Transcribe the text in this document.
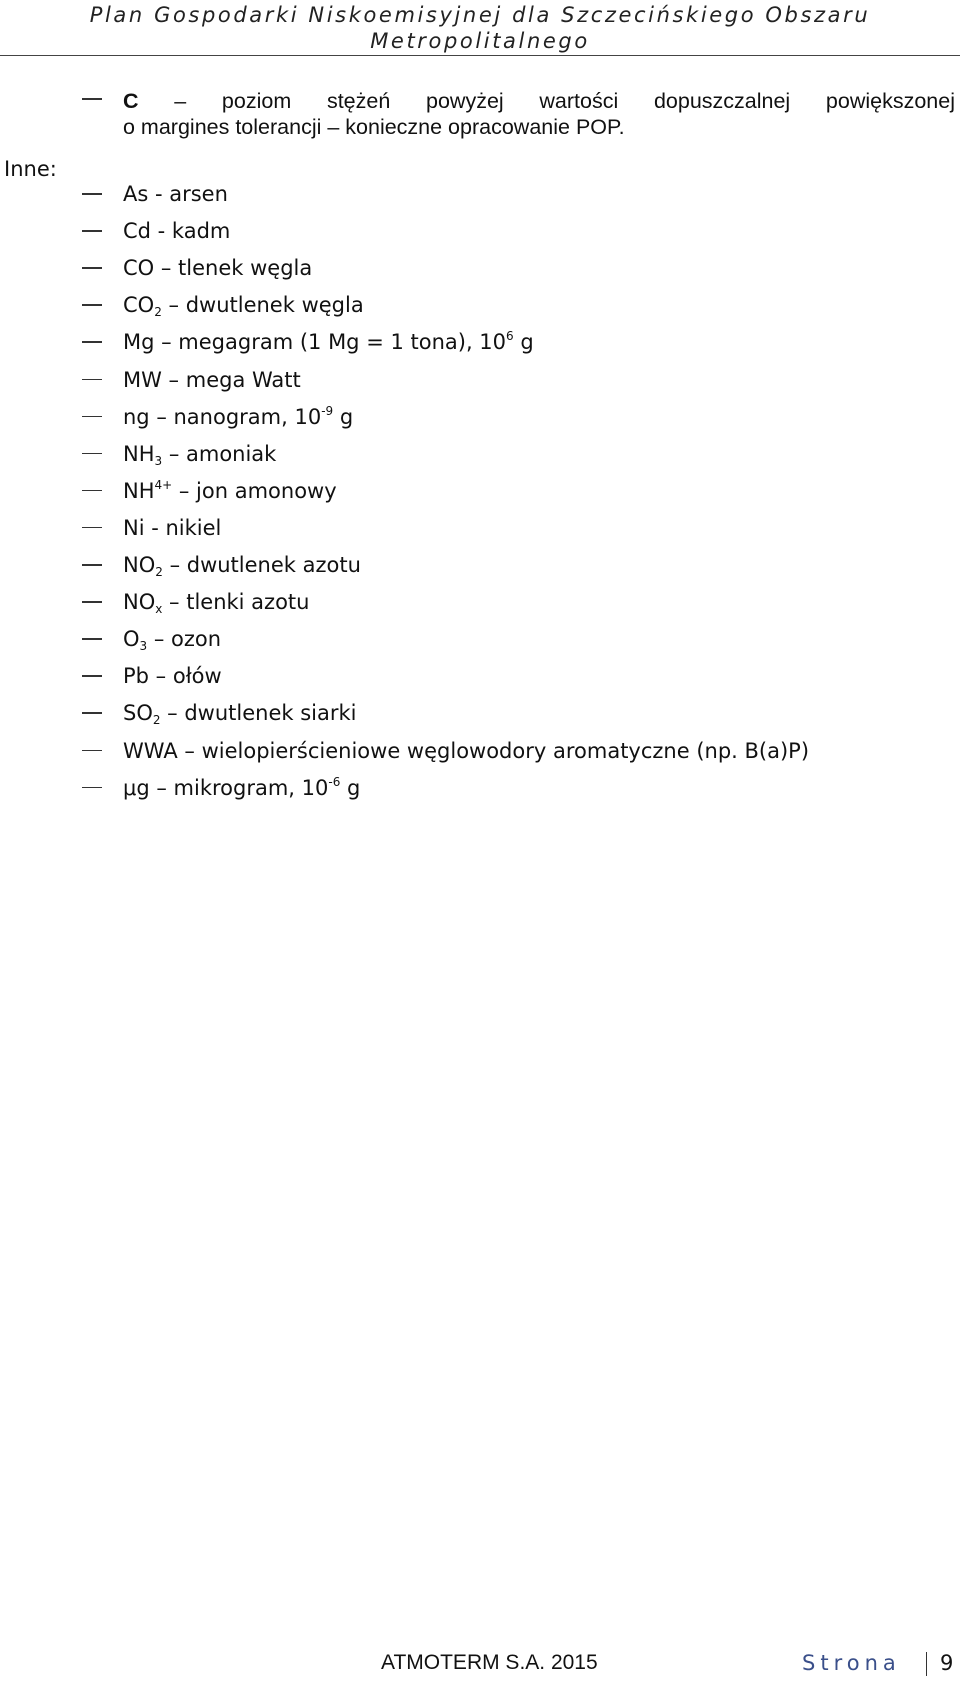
Plan Gospodarki Niskoemisyjnej dla Szczecińskiego Obszaru
Metropolitalnego
C – poziom stężeń powyżej wartości dopuszczalnej powiększonej
o margines tolerancji – konieczne opracowanie POP.
Inne:
As - arsen
Cd - kadm
CO – tlenek węgla
$CO_2$ – dwutlenek węgla
Mg – megagram (1 Mg = 1 tona), $10^6$ g
MW – mega Watt
ng – nanogram, $10^{-9}$ g
$NH_3$ – amoniak
$NH^{4+}$ – jon amonowy
Ni - nikiel
$NO_2$ – dwutlenek azotu
$NO_x$ – tlenki azotu
$O_3$ – ozon
Pb – ołów
$SO_2$ – dwutlenek siarki
WWA – wielopierścieniowe węglowodory aromatyczne (np. B(a)P)
μg – mikrogram, $10^{-6}$ g
ATMOTERM S.A. 2015	Strona 9
